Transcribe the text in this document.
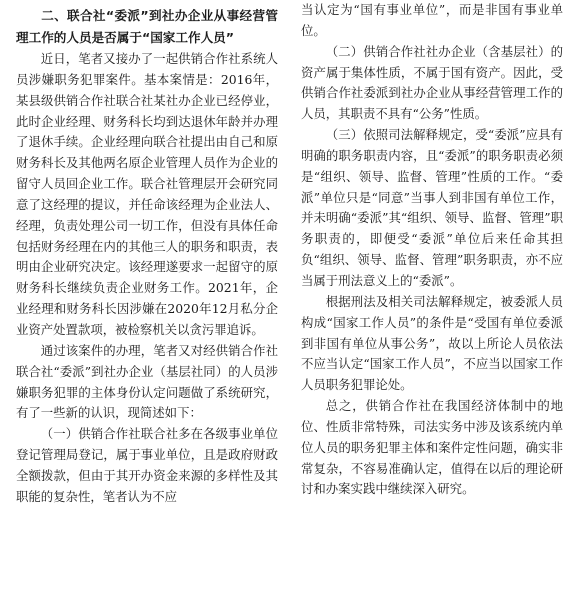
二、联合社“委派”到社办企业从事经营管理工作的人员是否属于“国家工作人员”

近日，笔者又接办了一起供销合作社系统人员涉嫌职务犯罪案件。基本案情是：2016年，某县级供销合作社联合社某社办企业已经停业，此时企业经理、财务科长均到达退休年龄并办理了退休手续。企业经理向联合社提出由自己和原财务科长及其他两名原企业管理人员作为企业的留守人员回企业工作。联合社管理层开会研究同意了这经理的提议，并任命该经理为企业法人、经理，负责处理公司一切工作，但没有具体任命包括财务经理在内的其他三人的职务和职责，表明由企业研究决定。该经理遂要求一起留守的原财务科长继续负责企业财务工作。2021年，企业经理和财务科长因涉嫌在2020年12月私分企业资产处置款项，被检察机关以贪污罪追诉。

通过该案件的办理，笔者又对经供销合作社联合社“委派”到社办企业（基层社同）的人员涉嫌职务犯罪的主体身份认定问题做了系统研究，有了一些新的认识，现简述如下：

（一）供销合作社联合社多在各级事业单位登记管理局登记，属于事业单位，且是政府财政全额拨款，但由于其开办资金来源的多样性及其职能的复杂性，笔者认为不应

当认定为“国有事业单位”，而是非国有事业单位。

（二）供销合作社社办企业（含基层社）的资产属于集体性质，不属于国有资产。因此，受供销合作社委派到社办企业从事经营管理工作的人员，其职责不具有“公务”性质。

（三）依照司法解释规定，受“委派”应具有明确的职务职责内容，且“委派”的职务职责必须是“组织、领导、监督、管理”性质的工作。“委派”单位只是“同意”当事人到非国有单位工作，并未明确“委派”其“组织、领导、监督、管理”职务职责的，即便受“委派”单位后来任命其担负“组织、领导、监督、管理”职务职责，亦不应当属于刑法意义上的“委派”。

根据刑法及相关司法解释规定，被委派人员构成“国家工作人员”的条件是“受国有单位委派到非国有单位从事公务”，故以上所论人员依法不应当认定“国家工作人员”，不应当以国家工作人员职务犯罪论处。

总之，供销合作社在我国经济体制中的地位、性质非常特殊，司法实务中涉及该系统内单位人员的职务犯罪主体和案件定性问题，确实非常复杂，不容易准确认定，值得在以后的理论研讨和办案实践中继续深入研究。
